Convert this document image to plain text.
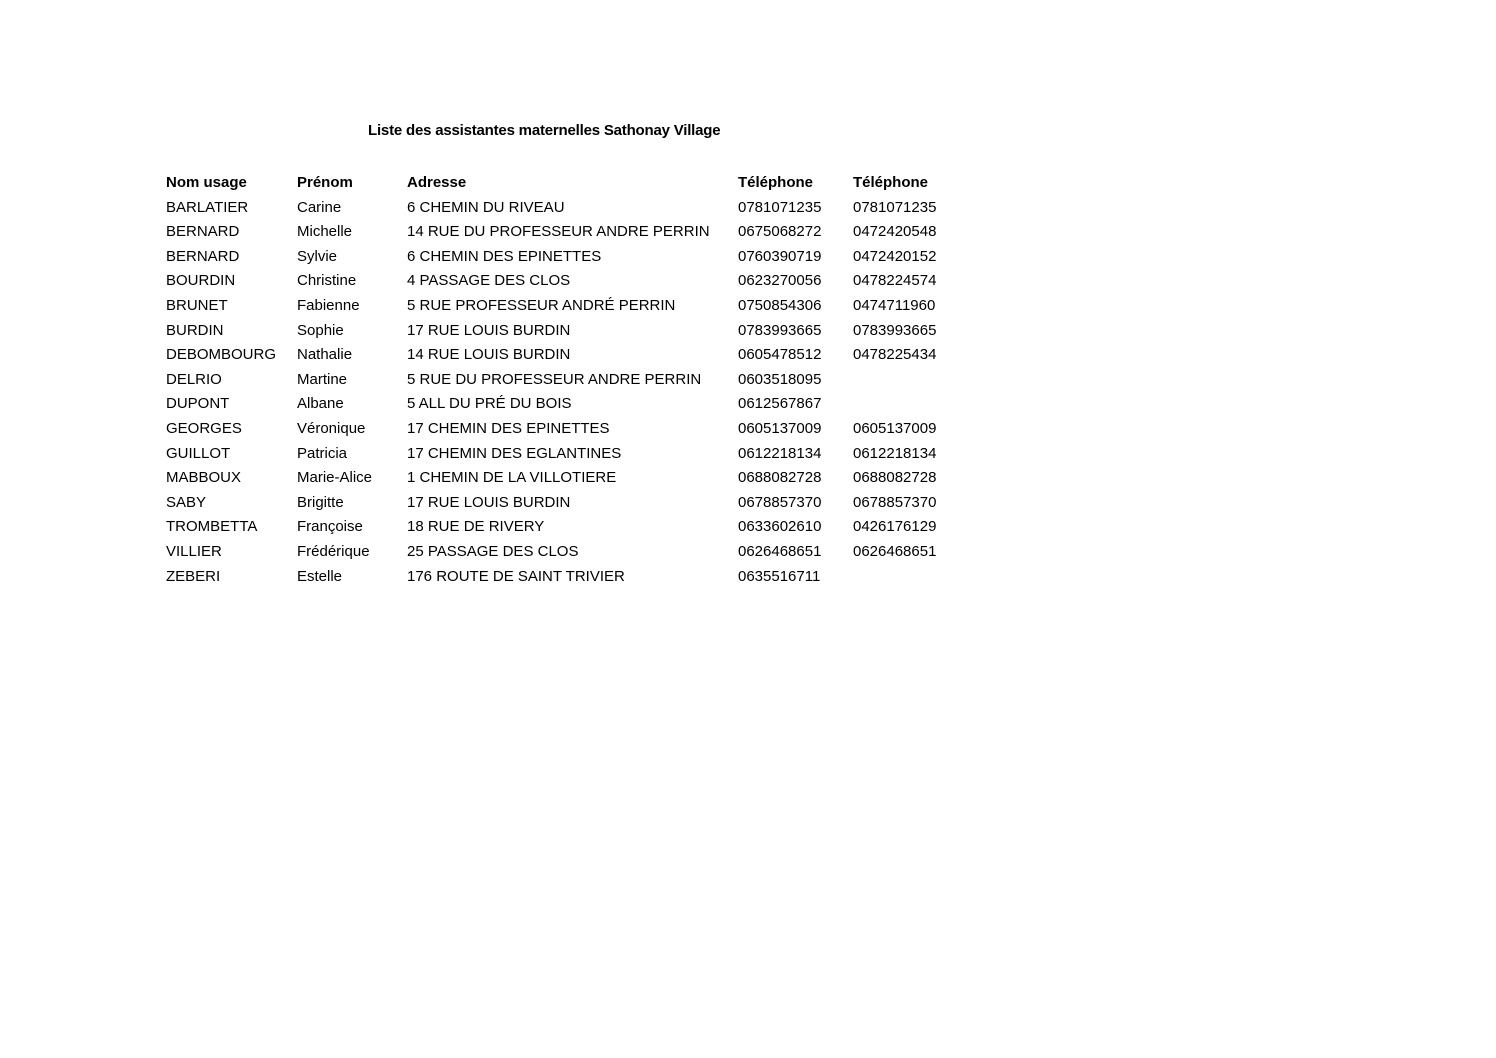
Liste des assistantes maternelles Sathonay Village
Nom usage	Prénom	Adresse	Téléphone	Téléphone
BARLATIER	Carine	6 CHEMIN DU RIVEAU	0781071235 0781071235
BERNARD	Michelle	14 RUE DU PROFESSEUR ANDRE PERRIN 0675068272 0472420548
BERNARD	Sylvie	6 CHEMIN DES EPINETTES	0760390719 0472420152
BOURDIN	Christine	4 PASSAGE DES CLOS	0623270056 0478224574
BRUNET	Fabienne	5 RUE PROFESSEUR ANDRÉ PERRIN	0750854306 0474711960
BURDIN	Sophie	17 RUE LOUIS BURDIN	0783993665 0783993665
DEBOMBOURG Nathalie	14 RUE LOUIS BURDIN	0605478512 0478225434
DELRIO	Martine	5 RUE DU PROFESSEUR ANDRE PERRIN 0603518095
DUPONT	Albane	5 ALL DU PRÉ DU BOIS	0612567867
GEORGES	Véronique	17 CHEMIN DES EPINETTES	0605137009 0605137009
GUILLOT	Patricia	17 CHEMIN DES EGLANTINES	0612218134 0612218134
MABBOUX	Marie-Alice 1 CHEMIN DE LA VILLOTIERE	0688082728 0688082728
SABY	Brigitte	17 RUE LOUIS BURDIN	0678857370 0678857370
TROMBETTA	Françoise	18 RUE DE RIVERY	0633602610 0426176129
VILLIER	Frédérique 25 PASSAGE DES CLOS	0626468651 0626468651
ZEBERI	Estelle	176 ROUTE DE SAINT TRIVIER	0635516711
